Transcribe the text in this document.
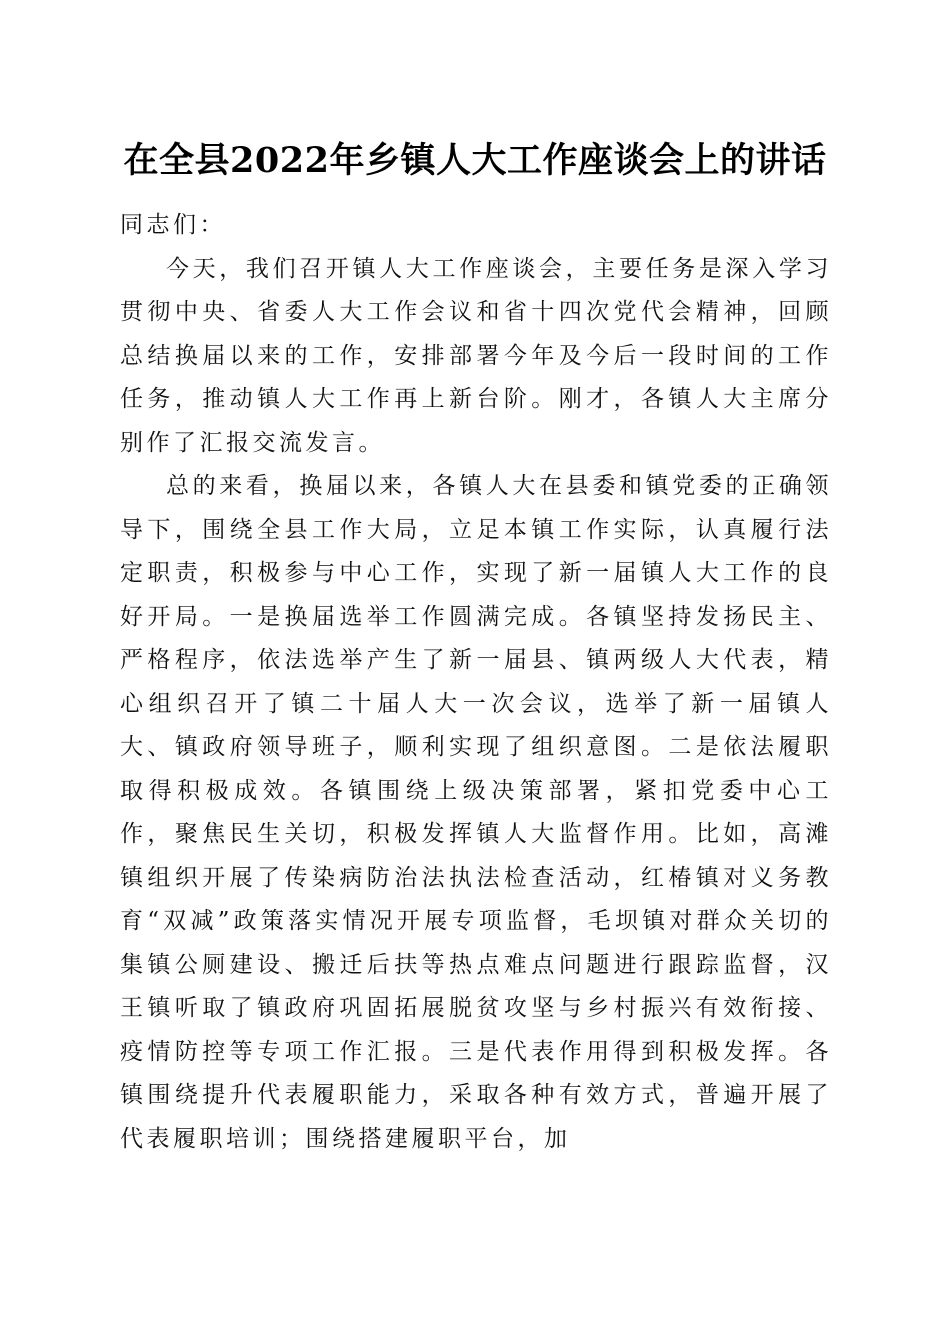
在全县2022年乡镇人大工作座谈会上的讲话

同志们：

今天，我们召开镇人大工作座谈会，主要任务是深入学习贯彻中央、省委人大工作会议和省十四次党代会精神，回顾总结换届以来的工作，安排部署今年及今后一段时间的工作任务，推动镇人大工作再上新台阶。刚才，各镇人大主席分别作了汇报交流发言。

总的来看，换届以来，各镇人大在县委和镇党委的正确领导下，围绕全县工作大局，立足本镇工作实际，认真履行法定职责，积极参与中心工作，实现了新一届镇人大工作的良好开局。一是换届选举工作圆满完成。各镇坚持发扬民主、严格程序，依法选举产生了新一届县、镇两级人大代表，精心组织召开了镇二十届人大一次会议，选举了新一届镇人大、镇政府领导班子，顺利实现了组织意图。二是依法履职取得积极成效。各镇围绕上级决策部署，紧扣党委中心工作，聚焦民生关切，积极发挥镇人大监督作用。比如，高滩镇组织开展了传染病防治法执法检查活动，红椿镇对义务教育“双减”政策落实情况开展专项监督，毛坝镇对群众关切的集镇公厕建设、搬迁后扶等热点难点问题进行跟踪监督，汉王镇听取了镇政府巩固拓展脱贫攻坚与乡村振兴有效衔接、疫情防控等专项工作汇报。三是代表作用得到积极发挥。各镇围绕提升代表履职能力，采取各种有效方式，普遍开展了代表履职培训；围绕搭建履职平台，加
